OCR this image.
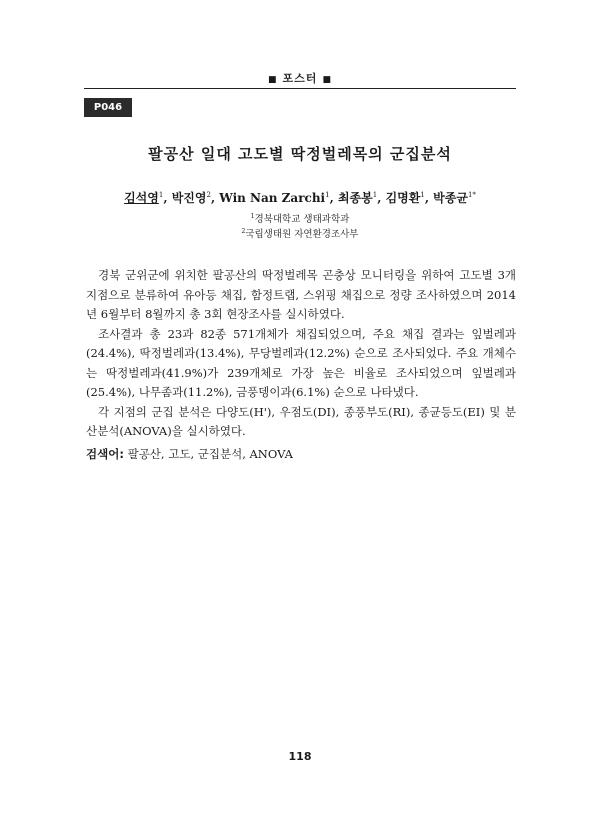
■ 포스터 ■
P046
팔공산 일대 고도별 딱정벌레목의 군집분석
김석영$^1$, 박진영$^2$, Win Nan Zarchi$^1$, 최종봉$^1$, 김명환$^1$, 박종균$^{1*}$
$^1$경북대학교 생태과학과
$^2$국립생태원 자연환경조사부

경북 군위군에 위치한 팔공산의 딱정벌레목 곤충상 모니터링을 위하여 고도별 3개 지점으로 분류하여 유아등 채집, 함정트랩, 스위핑 채집으로 정량 조사하였으며 2014년 6월부터 8월까지 총 3회 현장조사를 실시하였다.

조사결과 총 23과 82종 571개체가 채집되었으며, 주요 채집 결과는 잎벌레과(24.4%), 딱정벌레과(13.4%), 무당벌레과(12.2%) 순으로 조사되었다. 주요 개체수는 딱정벌레과(41.9%)가 239개체로 가장 높은 비율로 조사되었으며 잎벌레과(25.4%), 나무좀과(11.2%), 금풍뎅이과(6.1%) 순으로 나타냈다.

각 지점의 군집 분석은 다양도(H'), 우점도(DI), 종풍부도(RI), 종균등도(EI) 및 분산분석(ANOVA)을 실시하였다.

검색어: 팔공산, 고도, 군집분석, ANOVA
118
